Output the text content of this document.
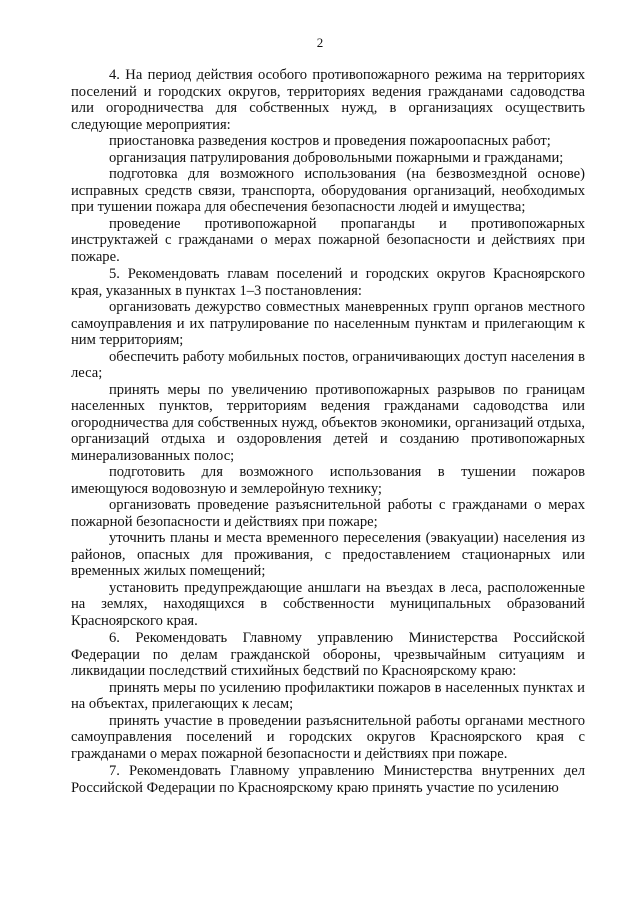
2

4. На период действия особого противопожарного режима на территориях поселений и городских округов, территориях ведения гражданами садоводства или огородничества для собственных нужд, в организациях осуществить следующие мероприятия:

приостановка разведения костров и проведения пожароопасных работ;

организация патрулирования добровольными пожарными и гражданами;

подготовка для возможного использования (на безвозмездной основе) исправных средств связи, транспорта, оборудования организаций, необходимых при тушении пожара для обеспечения безопасности людей и имущества;

проведение противопожарной пропаганды и противопожарных инструктажей с гражданами о мерах пожарной безопасности и действиях при пожаре.

5. Рекомендовать главам поселений и городских округов Красноярского края, указанных в пунктах 1–3 постановления:

организовать дежурство совместных маневренных групп органов местного самоуправления и их патрулирование по населенным пунктам и прилегающим к ним территориям;

обеспечить работу мобильных постов, ограничивающих доступ населения в леса;

принять меры по увеличению противопожарных разрывов по границам населенных пунктов, территориям ведения гражданами садоводства или огородничества для собственных нужд, объектов экономики, организаций отдыха, организаций отдыха и оздоровления детей и созданию противопожарных минерализованных полос;

подготовить для возможного использования в тушении пожаров имеющуюся водовозную и землеройную технику;

организовать проведение разъяснительной работы с гражданами о мерах пожарной безопасности и действиях при пожаре;

уточнить планы и места временного переселения (эвакуации) населения из районов, опасных для проживания, с предоставлением стационарных или временных жилых помещений;

установить предупреждающие аншлаги на въездах в леса, расположенные на землях, находящихся в собственности муниципальных образований Красноярского края.

6. Рекомендовать Главному управлению Министерства Российской Федерации по делам гражданской обороны, чрезвычайным ситуациям и ликвидации последствий стихийных бедствий по Красноярскому краю:

принять меры по усилению профилактики пожаров в населенных пунктах и на объектах, прилегающих к лесам;

принять участие в проведении разъяснительной работы органами местного самоуправления поселений и городских округов Красноярского края с гражданами о мерах пожарной безопасности и действиях при пожаре.

7. Рекомендовать Главному управлению Министерства внутренних дел Российской Федерации по Красноярскому краю принять участие по усилению
